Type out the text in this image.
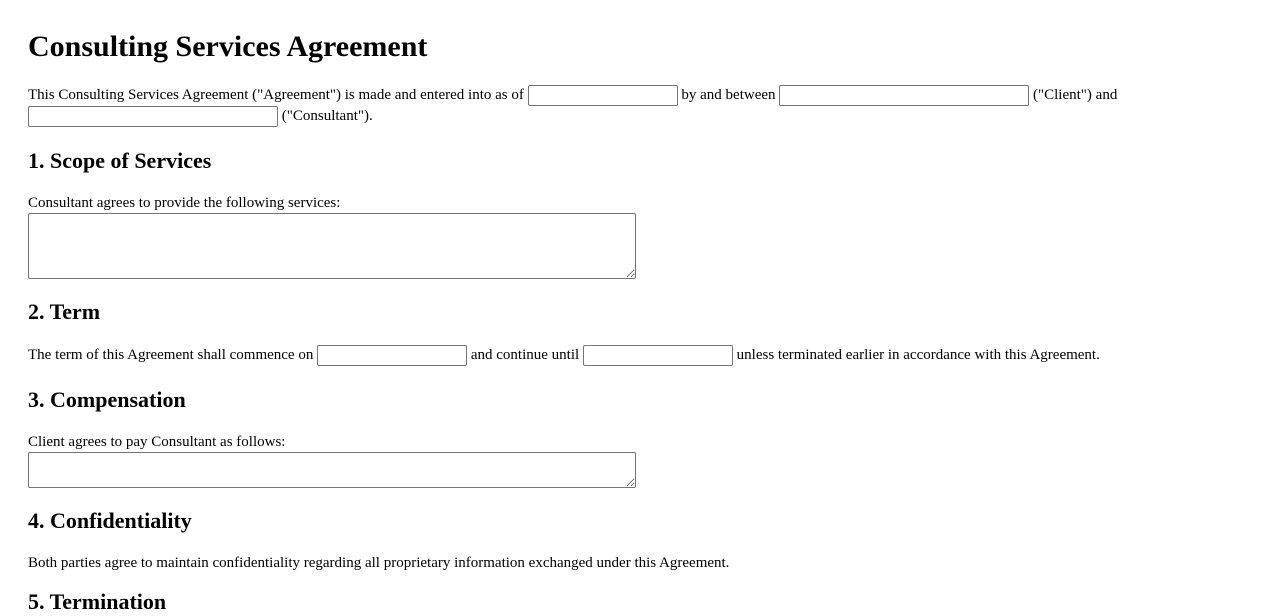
Consulting Services Agreement

This Consulting Services Agreement ("Agreement") is made and entered into as of	by and between	("Client") and

("Consultant").

1. Scope of Services

Consultant agrees to provide the following services:

2. Term

The term of this Agreement shall commence on	and continue until	unless terminated earlier in accordance with this Agreement.

3. Compensation

Client agrees to pay Consultant as follows:

4. Confidentiality

Both parties agree to maintain confidentiality regarding all proprietary information exchanged under this Agreement.

5. Termination
